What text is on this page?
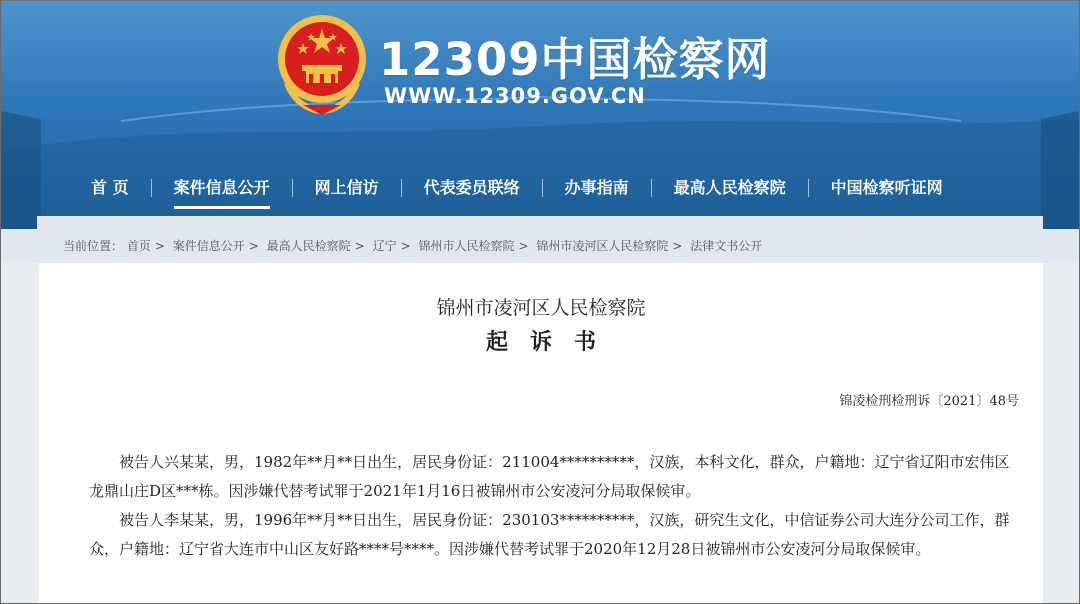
12309中国检察网
WWW.12309.GOV.CN
首 页	案件信息公开	网上信访	代表委员联络	办事指南	最高人民检察院	中国检察听证网
当前位置： 首页 > 案件信息公开 > 最高人民检察院 > 辽宁 > 锦州市人民检察院 > 锦州市凌河区人民检察院 > 法律文书公开
锦州市凌河区人民检察院
起诉书
锦凌检刑检刑诉〔2021〕48号

被告人兴某某，男，1982年**月**日出生，居民身份证：211004**********，汉族，本科文化，群众，户籍地：辽宁省辽阳市宏伟区龙鼎山庄D区***栋。因涉嫌代替考试罪于2021年1月16日被锦州市公安凌河分局取保候审。

被告人李某某，男，1996年**月**日出生，居民身份证：230103**********，汉族，研究生文化，中信证券公司大连分公司工作，群众，户籍地：辽宁省大连市中山区友好路****号****。因涉嫌代替考试罪于2020年12月28日被锦州市公安凌河分局取保候审。
